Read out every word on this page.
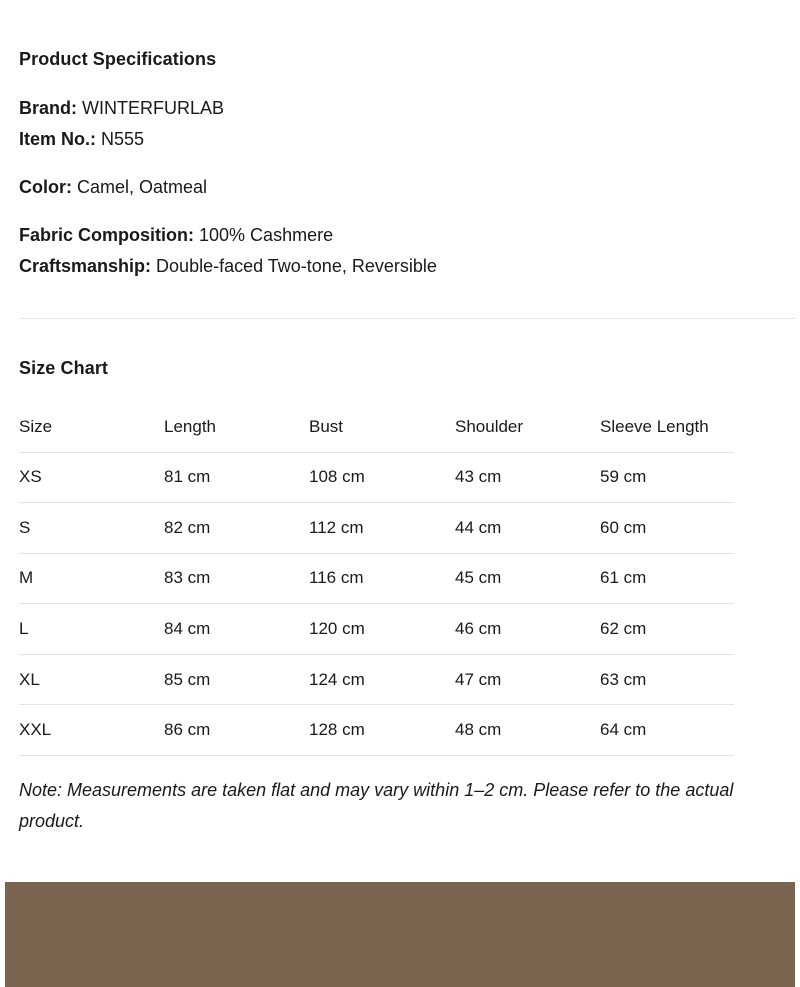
Product Specifications

Brand: WINTERFURLAB

Item No.: N555

Color: Camel, Oatmeal

Fabric Composition: 100% Cashmere

Craftsmanship: Double-faced Two-tone, Reversible

Size Chart
Size	Length	Bust	Shoulder	Sleeve Length
XS	81 cm	108 cm	43 cm	59 cm
S	82 cm	112 cm	44 cm	60 cm
M	83 cm	116 cm	45 cm	61 cm
L	84 cm	120 cm	46 cm	62 cm
XL	85 cm	124 cm	47 cm	63 cm
XXL	86 cm	128 cm	48 cm	64 cm

Note: Measurements are taken flat and may vary within 1–2 cm. Please refer to the actual product.
